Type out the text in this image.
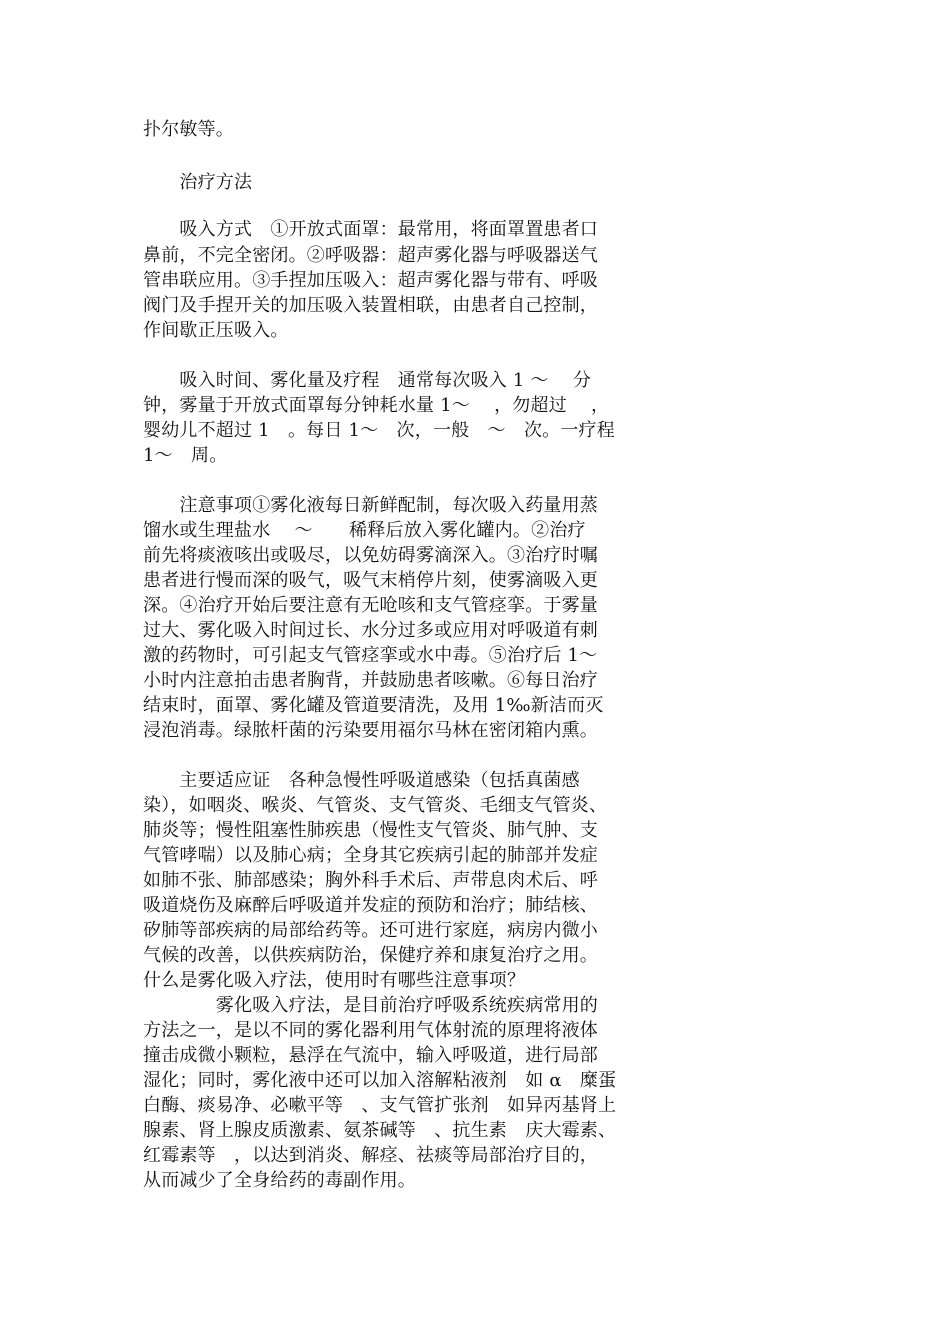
扑尔敏等。
　　治疗方法
　　吸入方式　①开放式面罩：最常用，将面罩置患者口
鼻前，不完全密闭。②呼吸器：超声雾化器与呼吸器送气
管串联应用。③手捏加压吸入：超声雾化器与带有、呼吸
阀门及手捏开关的加压吸入装置相联，由患者自己控制，
作间歇正压吸入。
　　吸入时间、雾化量及疗程　通常每次吸入 1 ～　 分
钟，雾量于开放式面罩每分钟耗水量 1～　 ，勿超过　 ，
婴幼儿不超过 1　。每日 1～　次，一般　～　次。一疗程
1～　周。
　　注意事项①雾化液每日新鲜配制，每次吸入药量用蒸
馏水或生理盐水　 ～　　稀释后放入雾化罐内。②治疗
前先将痰液咳出或吸尽，以免妨碍雾滴深入。③治疗时嘱
患者进行慢而深的吸气，吸气末梢停片刻，使雾滴吸入更
深。④治疗开始后要注意有无呛咳和支气管痉挛。于雾量
过大、雾化吸入时间过长、水分过多或应用对呼吸道有刺
激的药物时，可引起支气管痉挛或水中毒。⑤治疗后 1～
小时内注意拍击患者胸背，并鼓励患者咳嗽。⑥每日治疗
结束时，面罩、雾化罐及管道要清洗，及用 1‰新洁而灭
浸泡消毒。绿脓杆菌的污染要用福尔马林在密闭箱内熏。
　　主要适应证　各种急慢性呼吸道感染（包括真菌感
染），如咽炎、喉炎、气管炎、支气管炎、毛细支气管炎、
肺炎等；慢性阻塞性肺疾患（慢性支气管炎、肺气肿、支
气管哮喘）以及肺心病；全身其它疾病引起的肺部并发症
如肺不张、肺部感染；胸外科手术后、声带息肉术后、呼
吸道烧伤及麻醉后呼吸道并发症的预防和治疗；肺结核、
矽肺等部疾病的局部给药等。还可进行家庭，病房内微小
气候的改善，以供疾病防治，保健疗养和康复治疗之用。
什么是雾化吸入疗法，使用时有哪些注意事项？
　　　　雾化吸入疗法，是目前治疗呼吸系统疾病常用的
方法之一，是以不同的雾化器利用气体射流的原理将液体
撞击成微小颗粒，悬浮在气流中，输入呼吸道，进行局部
湿化；同时，雾化液中还可以加入溶解粘液剂　如 α　糜蛋
白酶、痰易净、必嗽平等　、支气管扩张剂　如异丙基肾上
腺素、肾上腺皮质激素、氨茶碱等　、抗生素　庆大霉素、
红霉素等　，以达到消炎、解痉、祛痰等局部治疗目的，
从而减少了全身给药的毒副作用。
